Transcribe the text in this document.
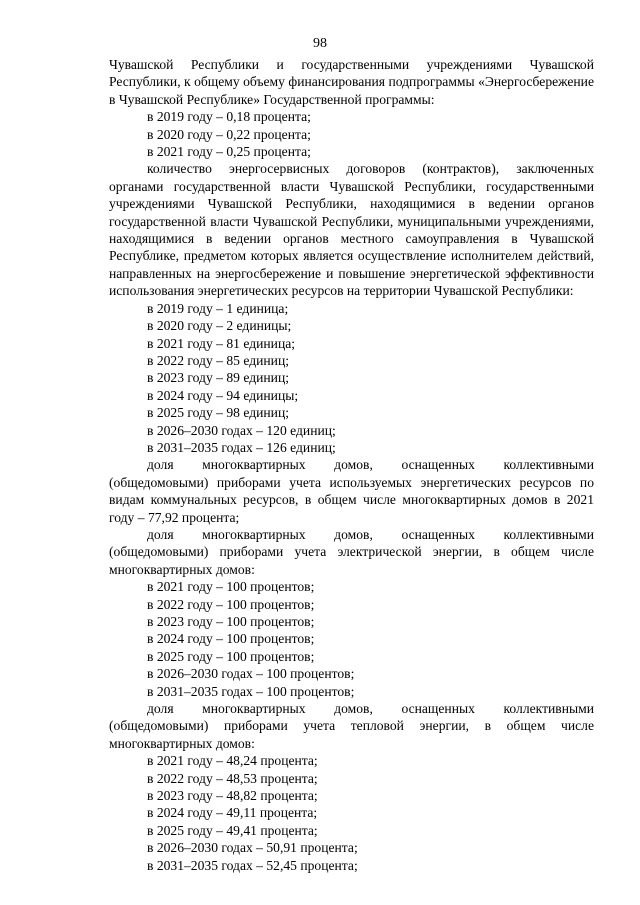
98

Чувашской Республики и государственными учреждениями Чувашской Республики, к общему объему финансирования подпрограммы «Энергосбережение в Чувашской Республике» Государственной программы:

в 2019 году – 0,18 процента;

в 2020 году – 0,22 процента;

в 2021 году – 0,25 процента;

количество энергосервисных договоров (контрактов), заключенных органами государственной власти Чувашской Республики, государственными учреждениями Чувашской Республики, находящимися в ведении органов государственной власти Чувашской Республики, муниципальными учреждениями, находящимися в ведении органов местного самоуправления в Чувашской Республике, предметом которых является осуществление исполнителем действий, направленных на энергосбережение и повышение энергетической эффективности использования энергетических ресурсов на территории Чувашской Республики:

в 2019 году – 1 единица;

в 2020 году – 2 единицы;

в 2021 году – 81 единица;

в 2022 году – 85 единиц;

в 2023 году – 89 единиц;

в 2024 году – 94 единицы;

в 2025 году – 98 единиц;

в 2026–2030 годах – 120 единиц;

в 2031–2035 годах – 126 единиц;

доля многоквартирных домов, оснащенных коллективными (общедомовыми) приборами учета используемых энергетических ресурсов по видам коммунальных ресурсов, в общем числе многоквартирных домов в 2021 году – 77,92 процента;

доля многоквартирных домов, оснащенных коллективными (общедомовыми) приборами учета электрической энергии, в общем числе многоквартирных домов:

в 2021 году – 100 процентов;

в 2022 году – 100 процентов;

в 2023 году – 100 процентов;

в 2024 году – 100 процентов;

в 2025 году – 100 процентов;

в 2026–2030 годах – 100 процентов;

в 2031–2035 годах – 100 процентов;

доля многоквартирных домов, оснащенных коллективными (общедомовыми) приборами учета тепловой энергии, в общем числе многоквартирных домов:

в 2021 году – 48,24 процента;

в 2022 году – 48,53 процента;

в 2023 году – 48,82 процента;

в 2024 году – 49,11 процента;

в 2025 году – 49,41 процента;

в 2026–2030 годах – 50,91 процента;

в 2031–2035 годах – 52,45 процента;
